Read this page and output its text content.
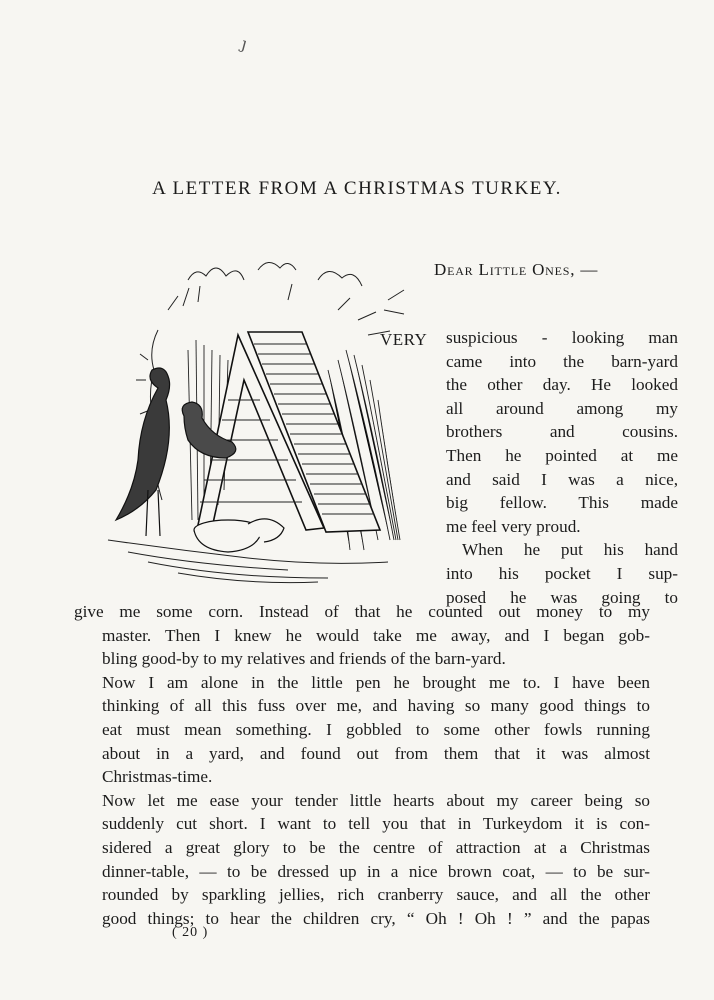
ȷ
A LETTER FROM A CHRISTMAS TURKEY.
Dear Little Ones, —
VERY suspicious - looking man
came into the barn-yard
the other day. He looked
all around among my
brothers and cousins.
Then he pointed at me
and said I was a nice,
big fellow. This made
me feel very proud.
When he put his hand
into his pocket I sup-
posed he was going to
give me some corn. Instead of that he counted out money to my
master. Then I knew he would take me away, and I began gob-
bling good-by to my relatives and friends of the barn-yard.
Now I am alone in the little pen he brought me to. I have been
thinking of all this fuss over me, and having so many good things to
eat must mean something. I gobbled to some other fowls running
about in a yard, and found out from them that it was almost
Christmas-time.
Now let me ease your tender little hearts about my career being so
suddenly cut short. I want to tell you that in Turkeydom it is con-
sidered a great glory to be the centre of attraction at a Christmas
dinner-table, — to be dressed up in a nice brown coat, — to be sur-
rounded by sparkling jellies, rich cranberry sauce, and all the other
good things; to hear the children cry, “ Oh ! Oh ! ” and the papas
( 20 )
